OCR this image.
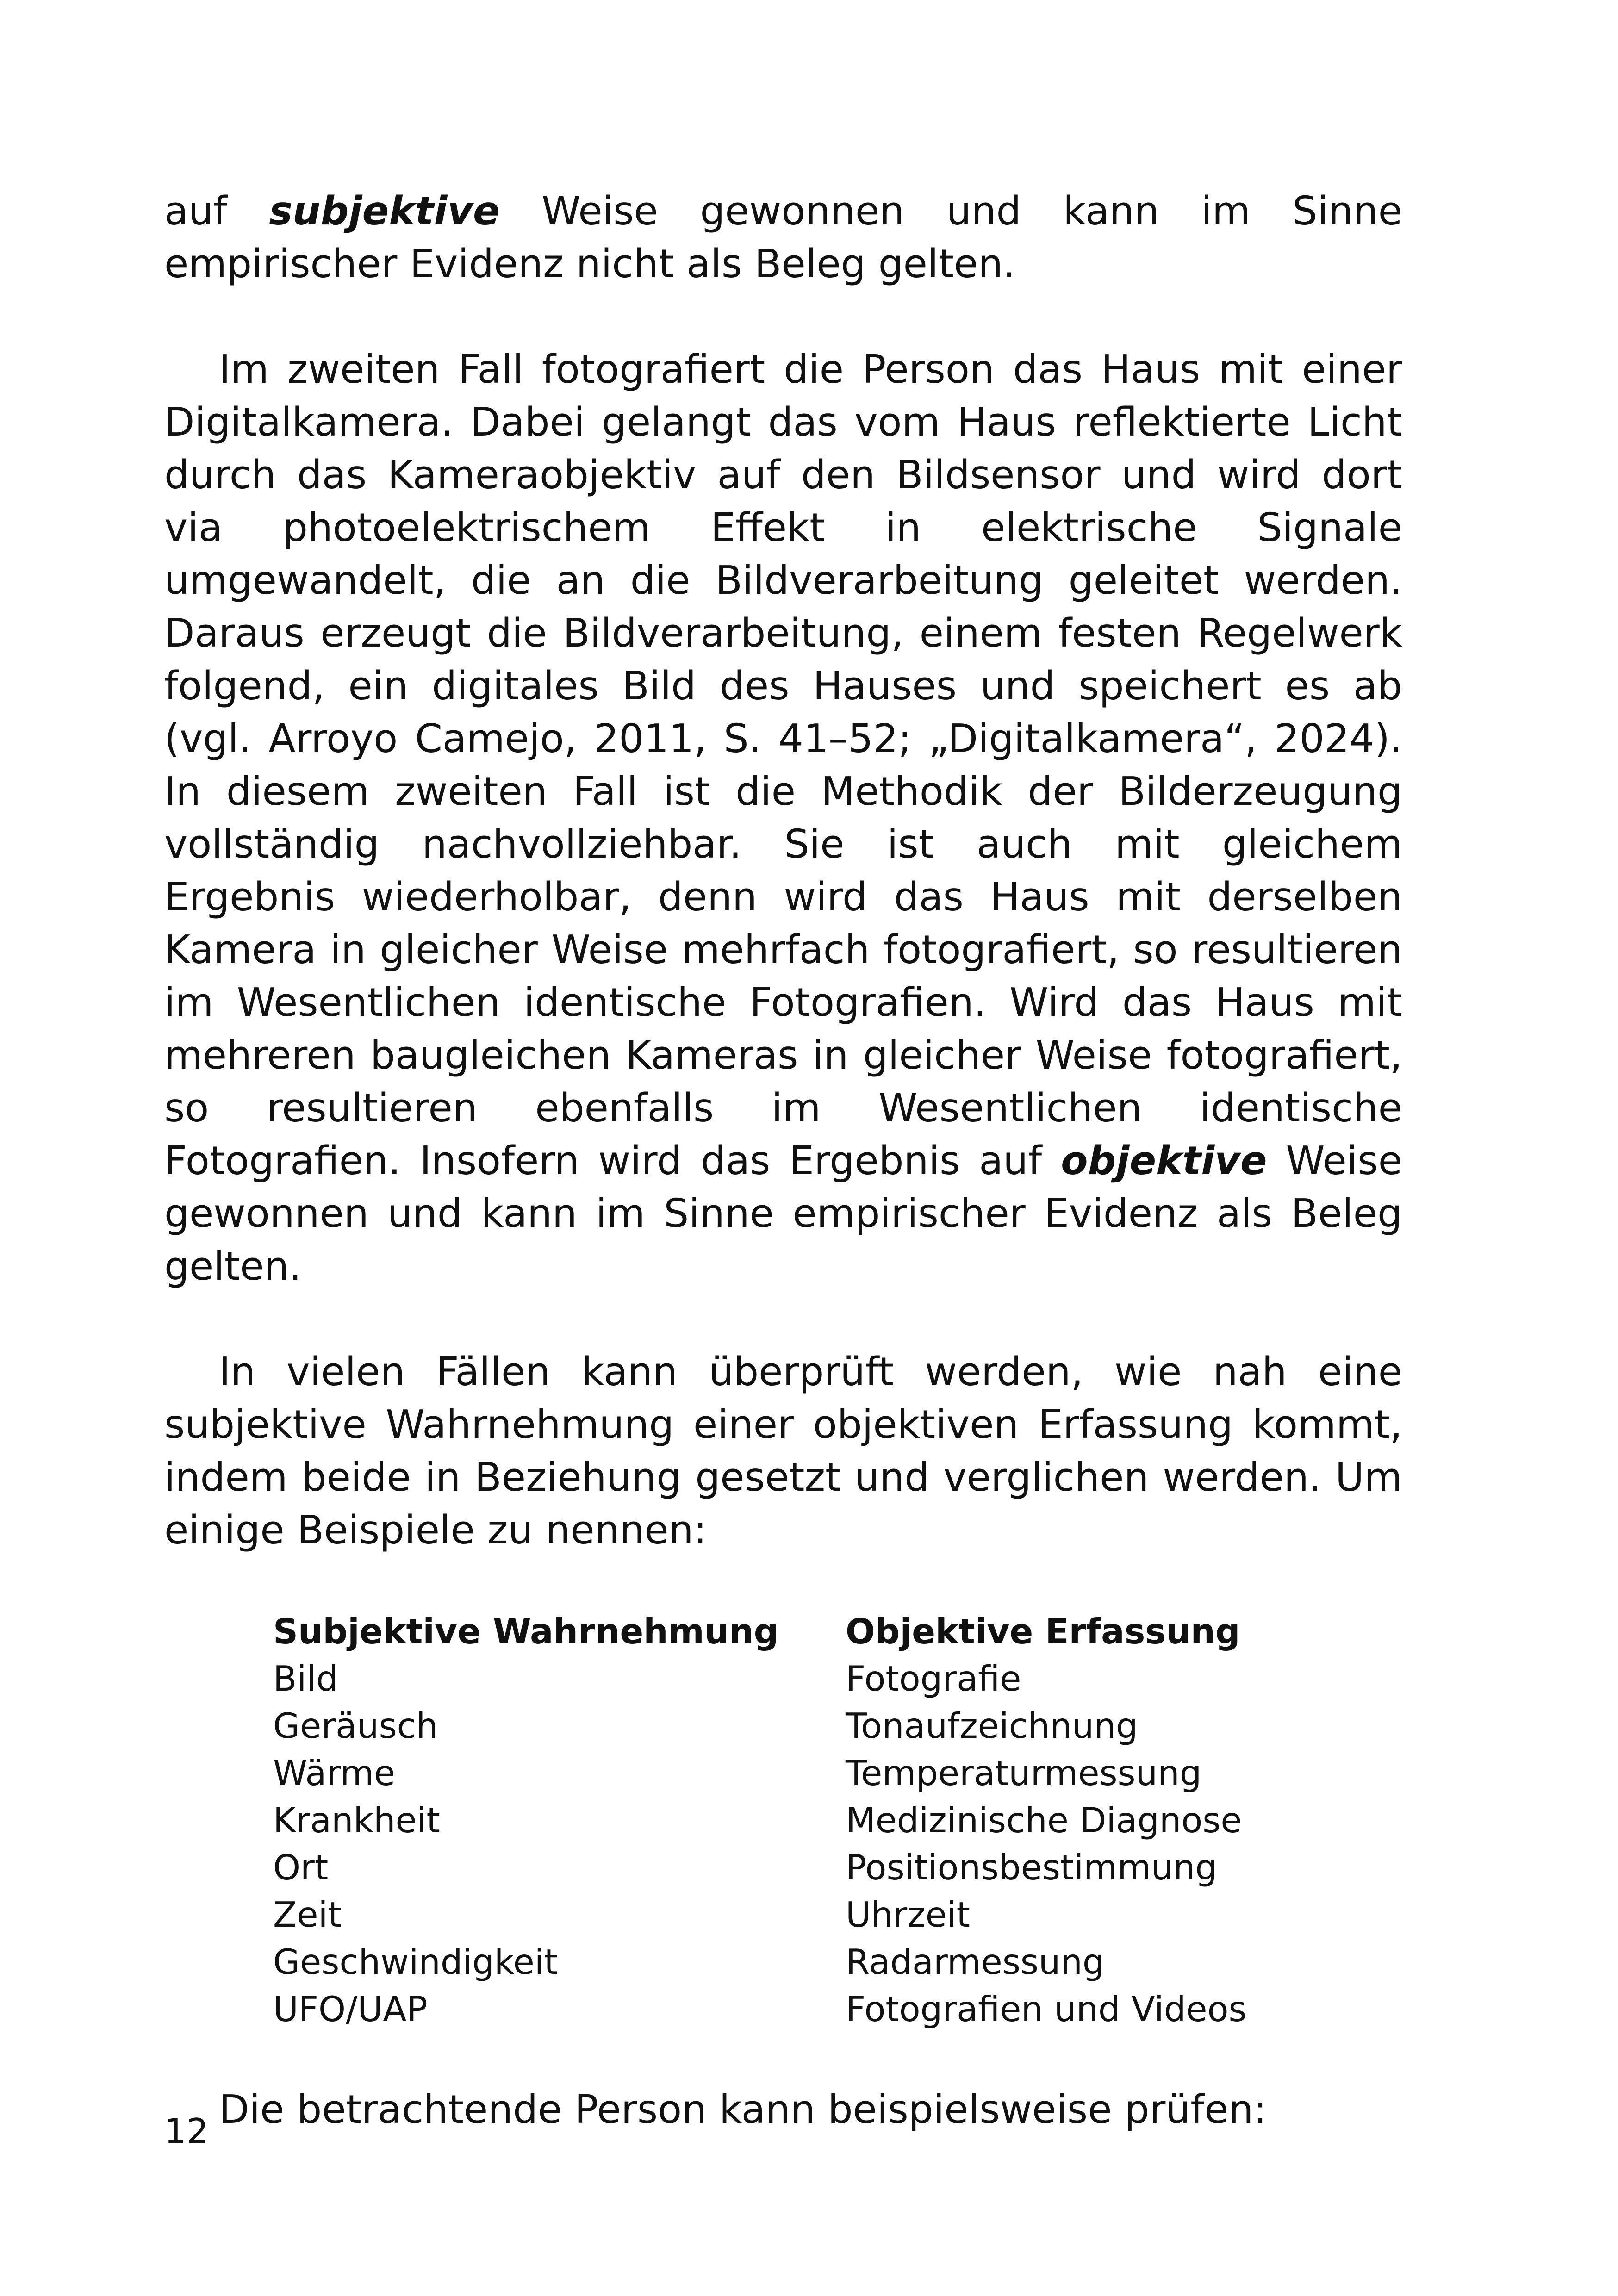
auf subjektive Weise gewonnen und kann im Sinne empirischer Evidenz nicht als Beleg gelten.

Im zweiten Fall fotografiert die Person das Haus mit einer Digitalkamera. Dabei gelangt das vom Haus reflektierte Licht durch das Kameraobjektiv auf den Bildsensor und wird dort via photoelektrischem Effekt in elektrische Signale umgewandelt, die an die Bildverarbeitung geleitet werden. Daraus erzeugt die Bildverarbeitung, einem festen Regelwerk folgend, ein digitales Bild des Hauses und speichert es ab (vgl. Arroyo Camejo, 2011, S. 41–52; „Digitalkamera“, 2024). In diesem zweiten Fall ist die Methodik der Bilderzeugung vollständig nachvollziehbar. Sie ist auch mit gleichem Ergebnis wiederholbar, denn wird das Haus mit derselben Kamera in gleicher Weise mehrfach fotografiert, so resultieren im Wesentlichen identische Fotografien. Wird das Haus mit mehreren baugleichen Kameras in gleicher Weise fotografiert, so resultieren ebenfalls im Wesentlichen identische Fotografien. Insofern wird das Ergebnis auf objektive Weise gewonnen und kann im Sinne empirischer Evidenz als Beleg gelten.

In vielen Fällen kann überprüft werden, wie nah eine subjektive Wahrnehmung einer objektiven Erfassung kommt, indem beide in Beziehung gesetzt und verglichen werden. Um einige Beispiele zu nennen:

Subjektive Wahrnehmung	Objektive Erfassung
Bild	Fotografie
Geräusch	Tonaufzeichnung
Wärme	Temperaturmessung
Krankheit	Medizinische Diagnose
Ort	Positionsbestimmung
Zeit	Uhrzeit
Geschwindigkeit	Radarmessung
UFO/UAP	Fotografien und Videos

Die betrachtende Person kann beispielsweise prüfen:

12
